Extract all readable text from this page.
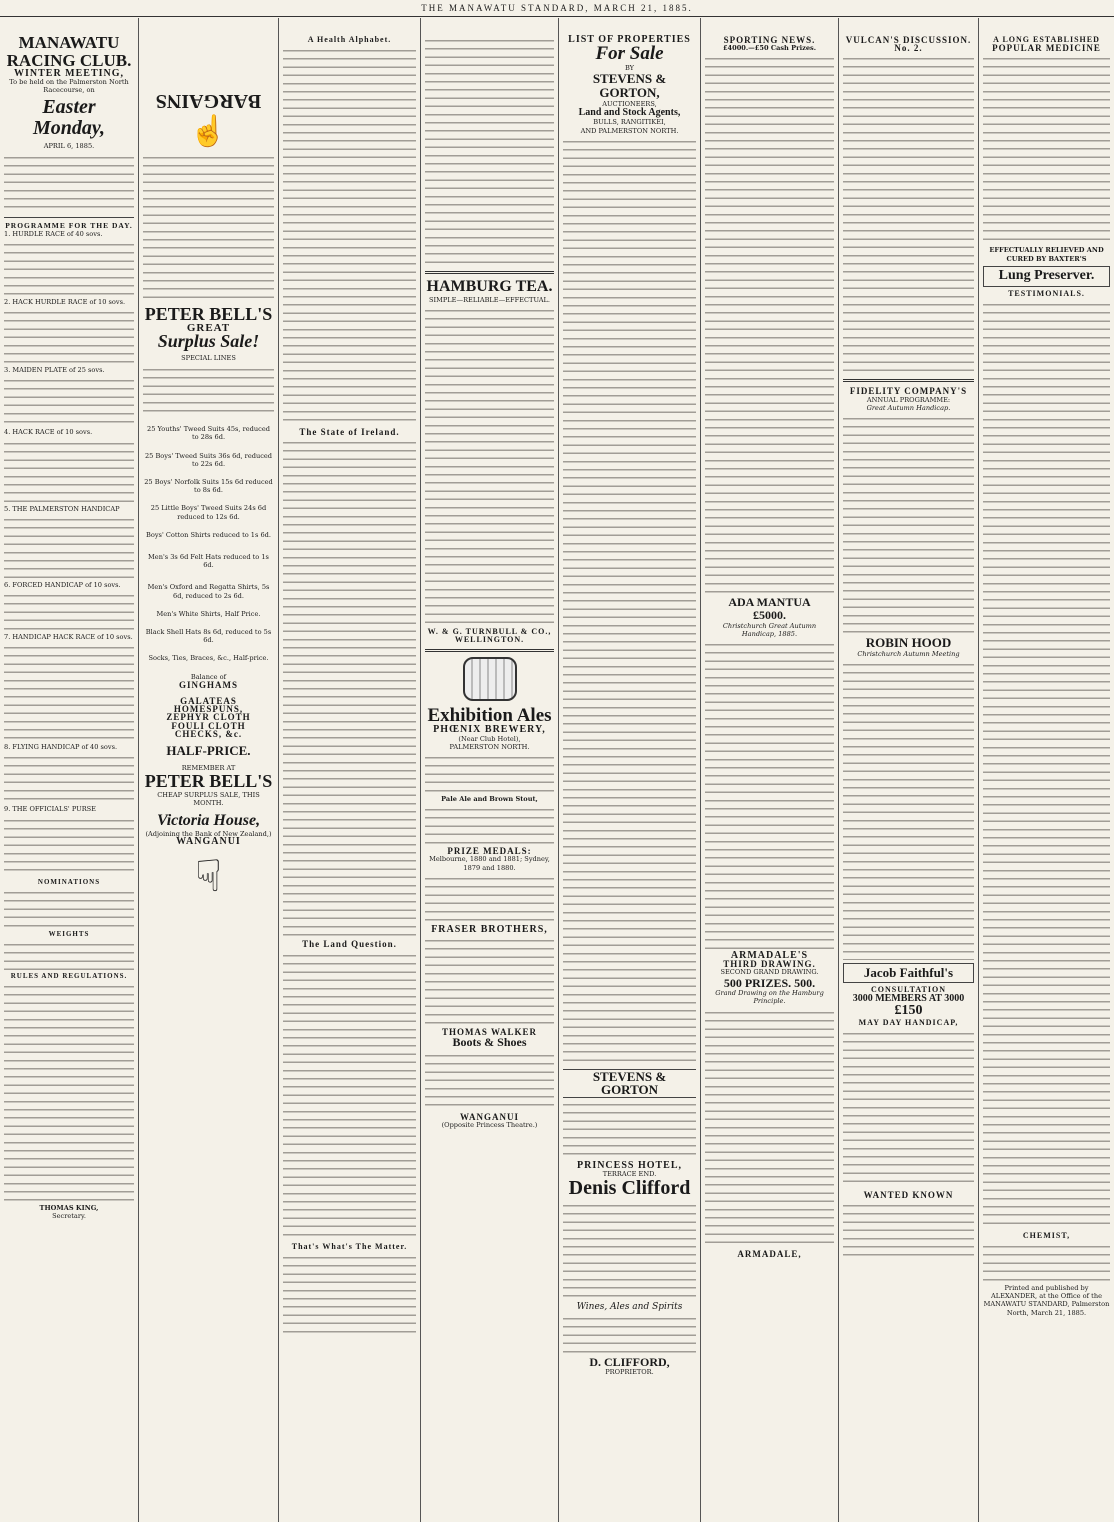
THE MANAWATU STANDARD, MARCH 21, 1885.
MANAWATU
RACING CLUB.
WINTER MEETING,
To be held on the Palmerston North Racecourse, on
Easter Monday,
APRIL 6, 1885.
PROGRAMME FOR THE DAY.
1. HURDLE RACE of 40 sovs.
2. HACK HURDLE RACE of 10 sovs.
3. MAIDEN PLATE of 25 sovs.
4. HACK RACE of 10 sovs.
5. THE PALMERSTON HANDICAP
6. FORCED HANDICAP of 10 sovs.
7. HANDICAP HACK RACE of 10 sovs.
8. FLYING HANDICAP of 40 sovs.
9. THE OFFICIALS' PURSE
NOMINATIONS
WEIGHTS
RULES AND REGULATIONS.
THOMAS KING,
Secretary.
BARGAINS
☝
PETER BELL'S
GREAT
Surplus Sale!
SPECIAL LINES
25 Youths' Tweed Suits 45s, reduced to 28s 6d.
25 Boys' Tweed Suits 36s 6d, reduced to 22s 6d.
25 Boys' Norfolk Suits 15s 6d reduced to 8s 6d.
25 Little Boys' Tweed Suits 24s 6d reduced to 12s 6d.
Boys' Cotton Shirts reduced to 1s 6d.
Men's 3s 6d Felt Hats reduced to 1s 6d.
Men's Oxford and Regatta Shirts, 5s 6d, reduced to 2s 6d.
Men's White Shirts, Half Price.
Black Shell Hats 8s 6d, reduced to 5s 6d.
Socks, Ties, Braces, &c., Half-price.
Balance of
GINGHAMS
GALATEAS
HOMESPUNS,
ZEPHYR CLOTH
FOULI CLOTH
CHECKS, &c.
HALF-PRICE.
REMEMBER AT
PETER BELL'S
CHEAP SURPLUS SALE, THIS MONTH.
Victoria House,
(Adjoining the Bank of New Zealand,)
WANGANUI
☟
A Health Alphabet.
The State of Ireland.
The Land Question.
That's What's The Matter.
HAMBURG TEA.
SIMPLE—RELIABLE—EFFECTUAL.
W. & G. TURNBULL & CO.,
WELLINGTON.
Exhibition Ales
PHŒNIX BREWERY,
(Near Club Hotel),
PALMERSTON NORTH.
Pale Ale and Brown Stout,
PRIZE MEDALS:
Melbourne, 1880 and 1881; Sydney, 1879 and 1880.
FRASER BROTHERS,
THOMAS WALKER
Boots & Shoes
WANGANUI
(Opposite Princess Theatre.)
LIST OF PROPERTIES
For Sale
BY
STEVENS & GORTON,
AUCTIONEERS,
Land and Stock Agents,
BULLS, RANGITIKEI,
AND PALMERSTON NORTH.
STEVENS & GORTON
PRINCESS HOTEL,
TERRACE END.
Denis Clifford
Wines, Ales and Spirits
D. CLIFFORD,
PROPRIETOR.
SPORTING NEWS.
£4000.—£50 Cash Prizes.
ADA MANTUA
£5000.
Christchurch Great Autumn Handicap, 1885.
ARMADALE'S
THIRD DRAWING.
SECOND GRAND DRAWING.
500 PRIZES. 500.
Grand Drawing on the Hamburg Principle.
ARMADALE,
VULCAN'S DISCUSSION.
No. 2.
FIDELITY COMPANY'S
ANNUAL PROGRAMME:
Great Autumn Handicap.
ROBIN HOOD
Christchurch Autumn Meeting
Jacob Faithful's
CONSULTATION
3000 MEMBERS AT 3000
£150
MAY DAY HANDICAP,
WANTED KNOWN
A LONG ESTABLISHED
POPULAR MEDICINE
EFFECTUALLY RELIEVED AND CURED BY BAXTER'S
Lung Preserver.
TESTIMONIALS.
CHEMIST,
Printed and published by ALEXANDER, at the Office of the MANAWATU STANDARD, Palmerston North, March 21, 1885.
